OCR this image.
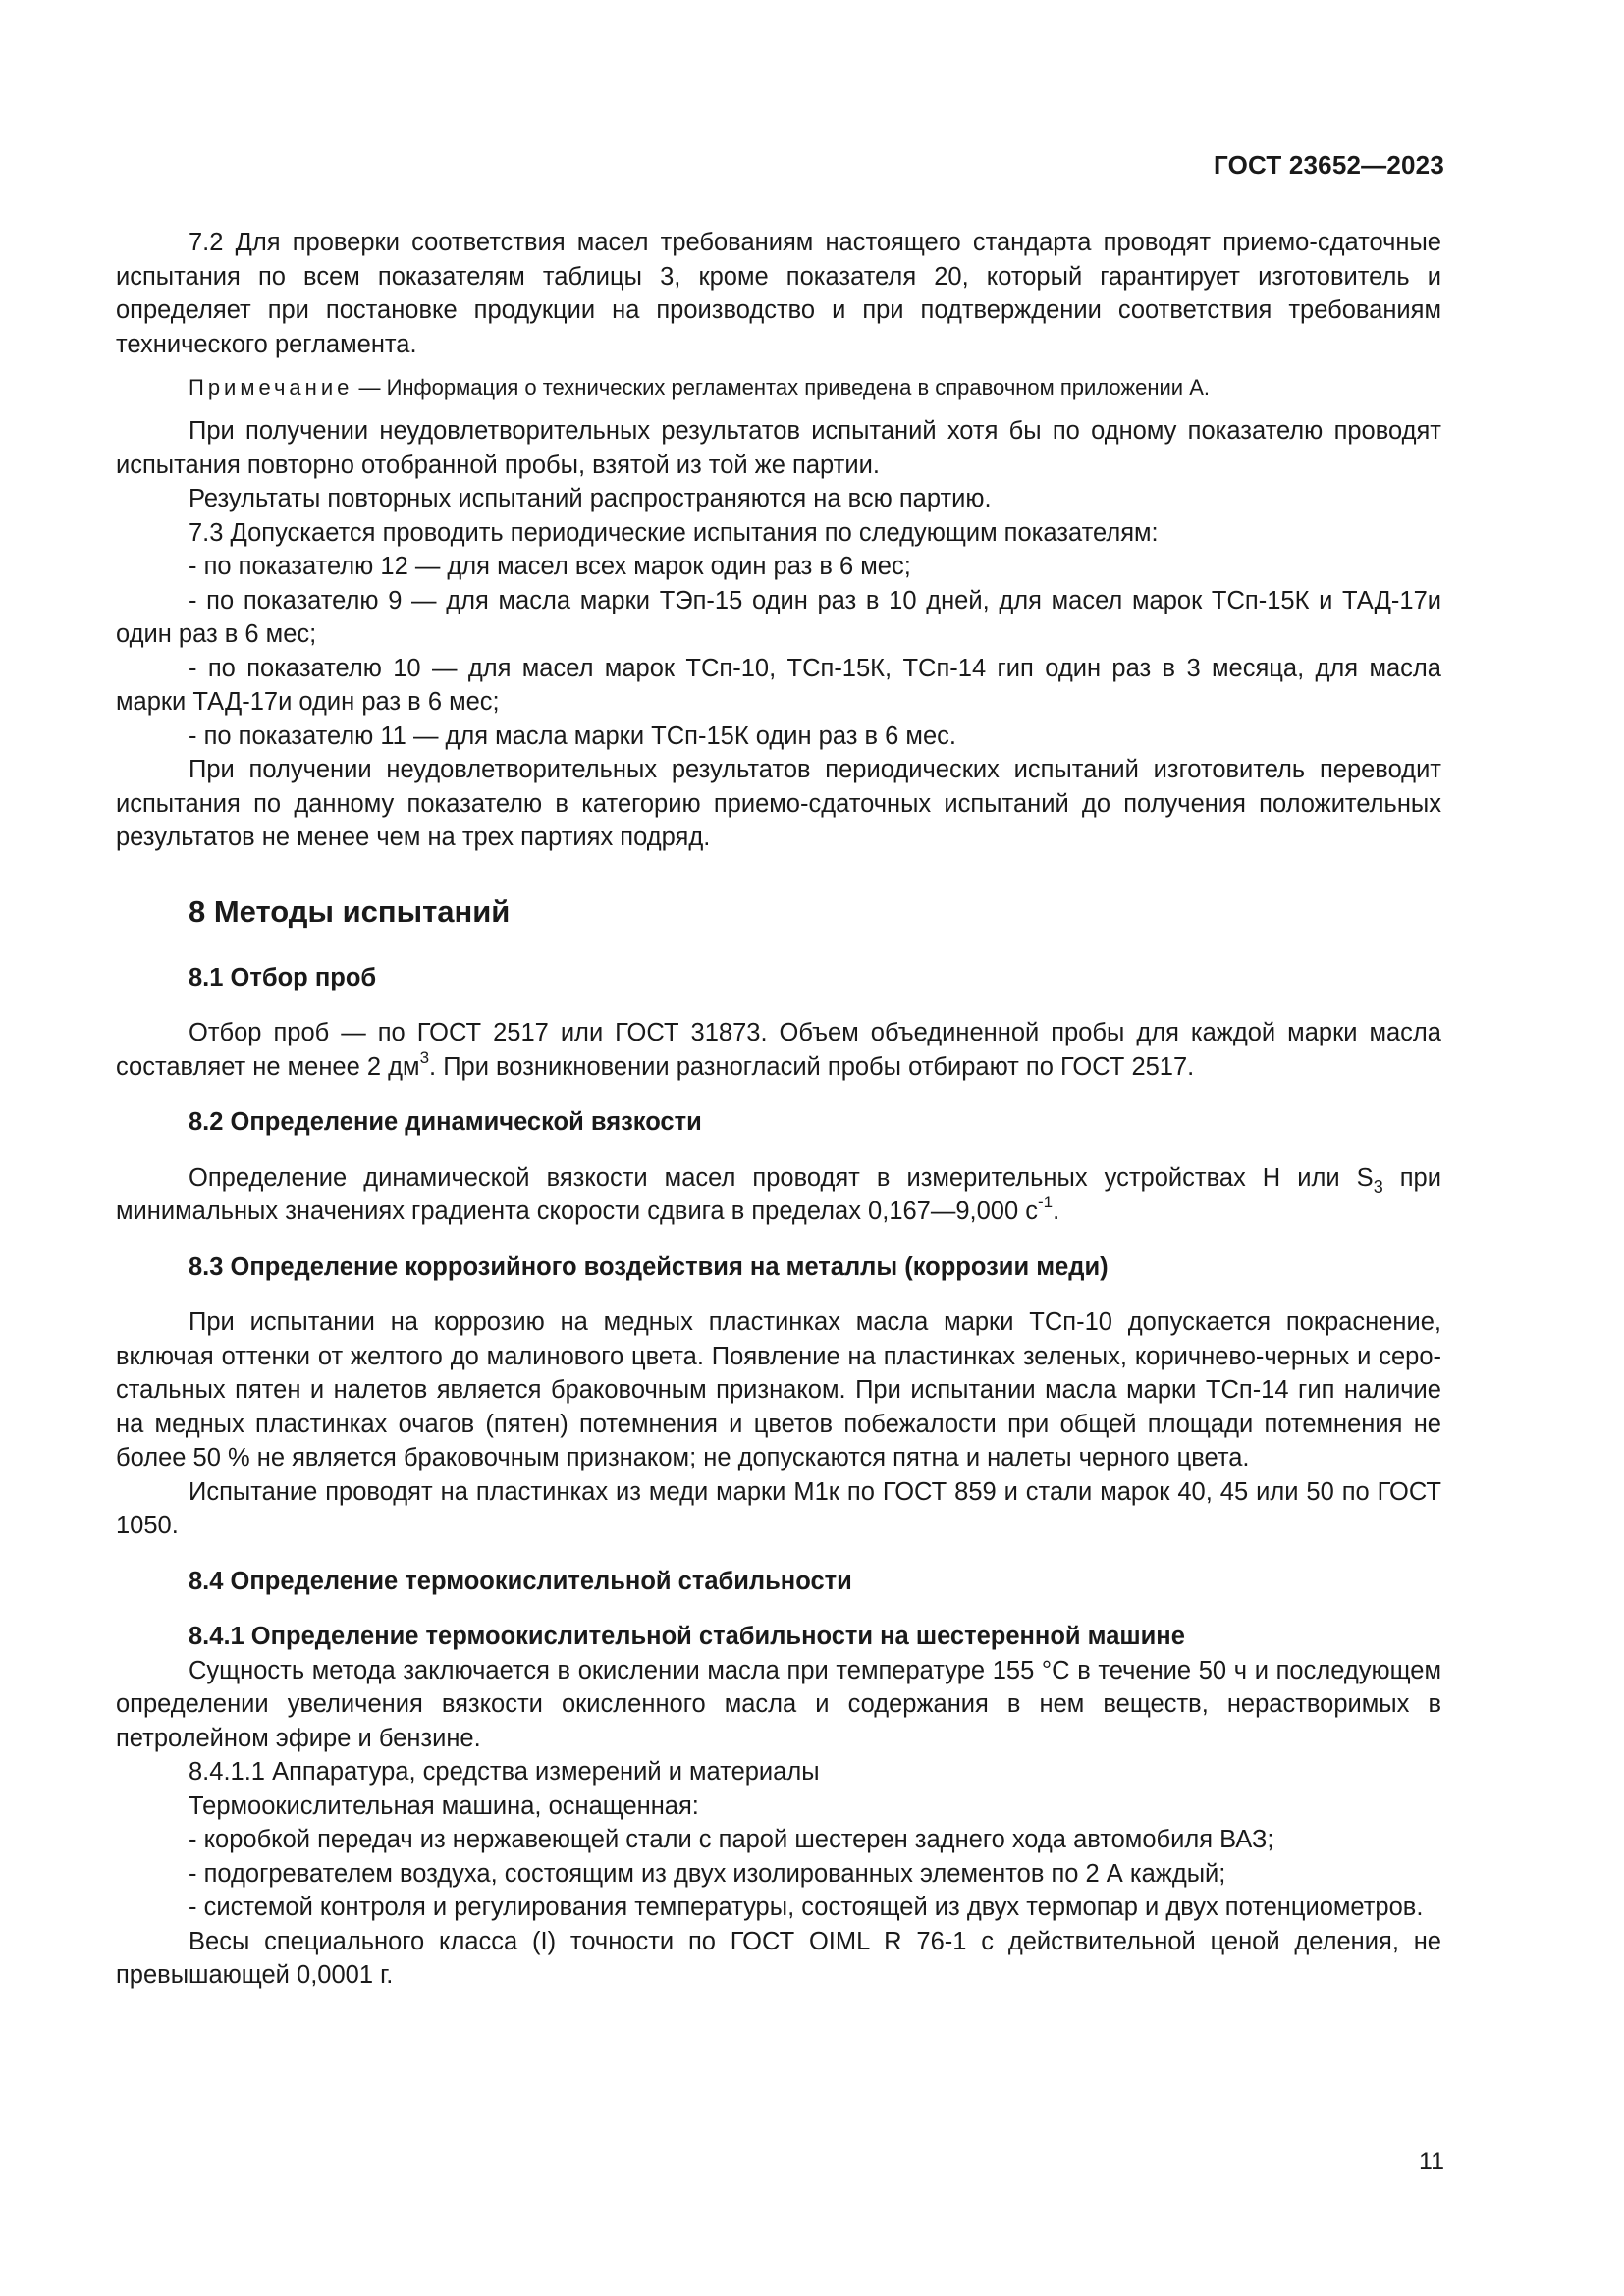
ГОСТ 23652—2023

7.2 Для проверки соответствия масел требованиям настоящего стандарта проводят приемо-сдаточные испытания по всем показателям таблицы 3, кроме показателя 20, который гарантирует изготовитель и определяет при постановке продукции на производство и при подтверждении соответствия требованиям технического регламента.

Примечание — Информация о технических регламентах приведена в справочном приложении А.

При получении неудовлетворительных результатов испытаний хотя бы по одному показателю проводят испытания повторно отобранной пробы, взятой из той же партии.

Результаты повторных испытаний распространяются на всю партию.

7.3 Допускается проводить периодические испытания по следующим показателям:

- по показателю 12 — для масел всех марок один раз в 6 мес;

- по показателю 9 — для масла марки ТЭп-15 один раз в 10 дней, для масел марок ТСп-15К и ТАД-17и один раз в 6 мес;

- по показателю 10 — для масел марок ТСп-10, ТСп-15К, ТСп-14 гип один раз в 3 месяца, для масла марки ТАД-17и один раз в 6 мес;

- по показателю 11 — для масла марки ТСп-15К один раз в 6 мес.

При получении неудовлетворительных результатов периодических испытаний изготовитель переводит испытания по данному показателю в категорию приемо-сдаточных испытаний до получения положительных результатов не менее чем на трех партиях подряд.

8 Методы испытаний

8.1 Отбор проб

Отбор проб — по ГОСТ 2517 или ГОСТ 31873. Объем объединенной пробы для каждой марки масла составляет не менее 2 $дм^3$. При возникновении разногласий пробы отбирают по ГОСТ 2517.

8.2 Определение динамической вязкости

Определение динамической вязкости масел проводят в измерительных устройствах Н или $S_3$ при минимальных значениях градиента скорости сдвига в пределах 0,167—9,000 $с^{-1}$.

8.3 Определение коррозийного воздействия на металлы (коррозии меди)

При испытании на коррозию на медных пластинках масла марки ТСп-10 допускается покраснение, включая оттенки от желтого до малинового цвета. Появление на пластинках зеленых, коричнево-черных и серо-стальных пятен и налетов является браковочным признаком. При испытании масла марки ТСп-14 гип наличие на медных пластинках очагов (пятен) потемнения и цветов побежалости при общей площади потемнения не более 50 % не является браковочным признаком; не допускаются пятна и налеты черного цвета.

Испытание проводят на пластинках из меди марки М1к по ГОСТ 859 и стали марок 40, 45 или 50 по ГОСТ 1050.

8.4 Определение термоокислительной стабильности

8.4.1 Определение термоокислительной стабильности на шестеренной машине

Сущность метода заключается в окислении масла при температуре 155 °С в течение 50 ч и последующем определении увеличения вязкости окисленного масла и содержания в нем веществ, нерастворимых в петролейном эфире и бензине.

8.4.1.1 Аппаратура, средства измерений и материалы

Термоокислительная машина, оснащенная:

- коробкой передач из нержавеющей стали с парой шестерен заднего хода автомобиля ВАЗ;

- подогревателем воздуха, состоящим из двух изолированных элементов по 2 А каждый;

- системой контроля и регулирования температуры, состоящей из двух термопар и двух потенциометров.

Весы специального класса (I) точности по ГОСТ OIML R 76-1 с действительной ценой деления, не превышающей 0,0001 г.

11
